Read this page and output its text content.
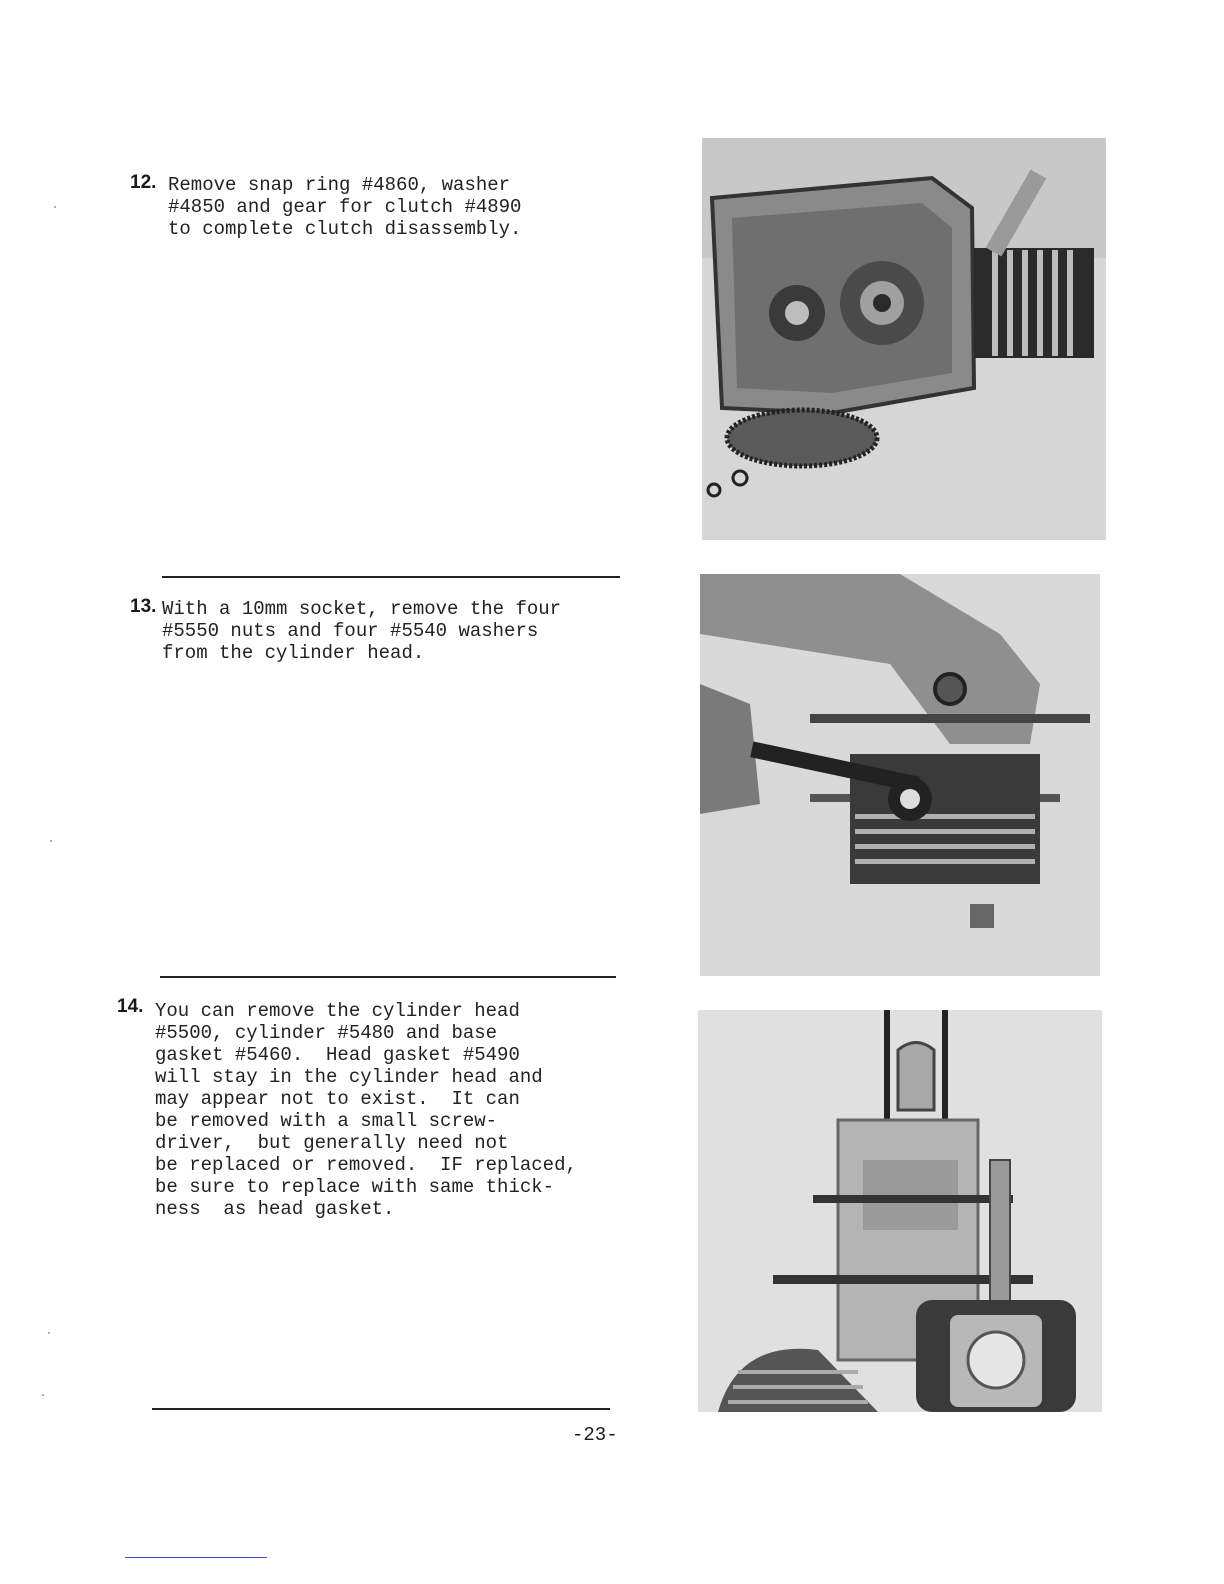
12. Remove snap ring #4860, washer
#4850 and gear for clutch #4890
to complete clutch disassembly.
13. With a 10mm socket, remove the four
#5550 nuts and four #5540 washers
from the cylinder head.
14. You can remove the cylinder head
#5500, cylinder #5480 and base
gasket #5460.  Head gasket #5490
will stay in the cylinder head and
may appear not to exist.  It can
be removed with a small screw-
driver,  but generally need not
be replaced or removed.  IF replaced,
be sure to replace with same thick-
ness  as head gasket.
-23-
